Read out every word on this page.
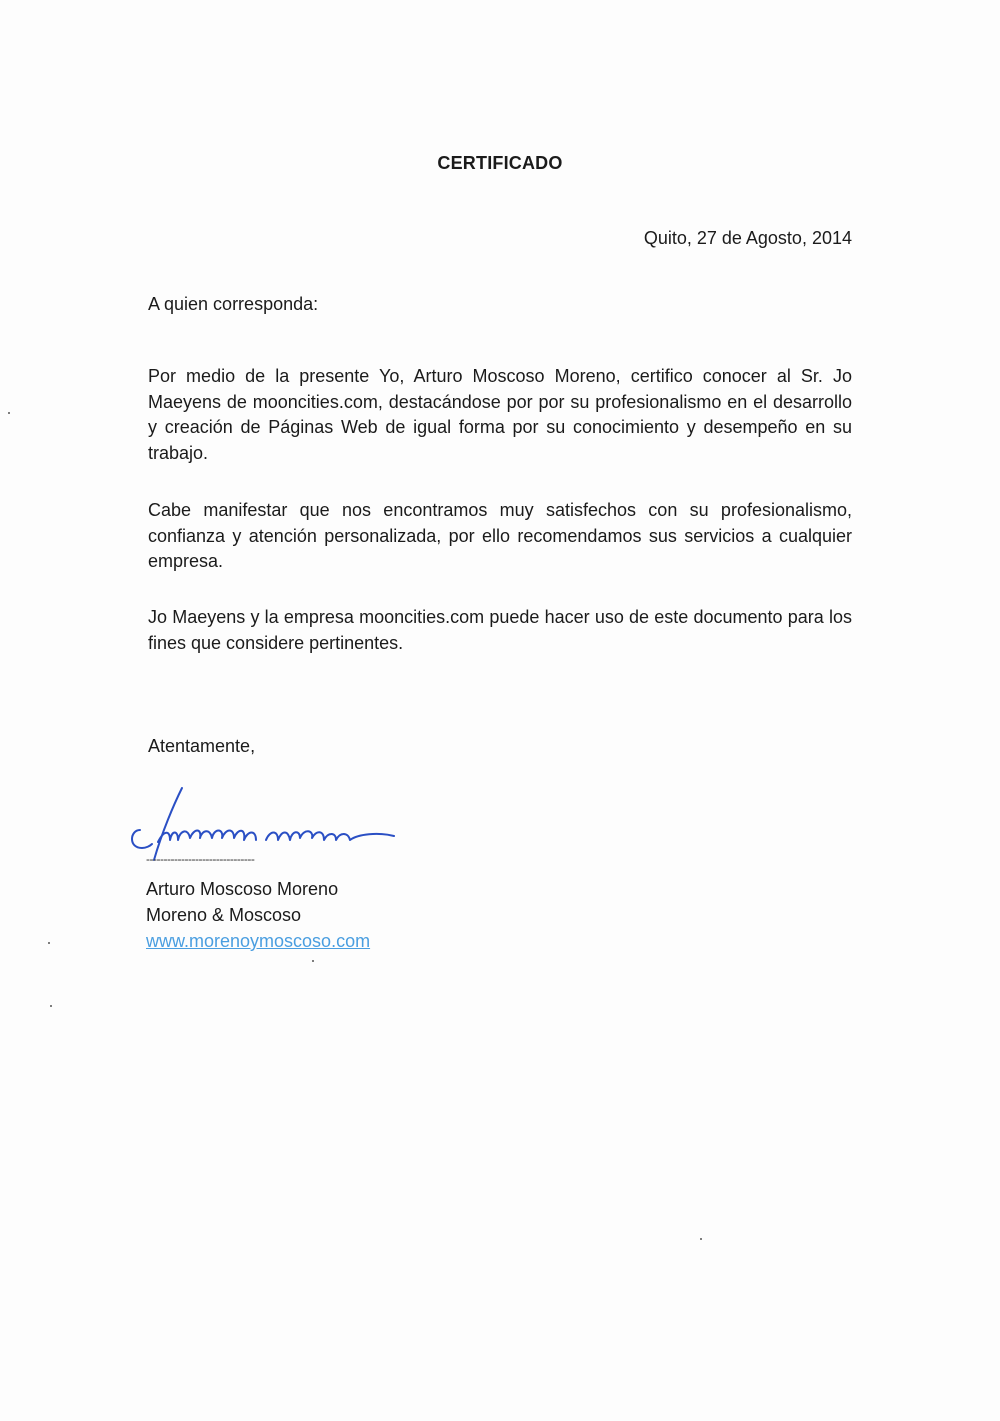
CERTIFICADO
Quito, 27 de Agosto, 2014
A quien corresponda:
Por medio de la presente Yo, Arturo Moscoso Moreno, certifico conocer al Sr. Jo Maeyens de mooncities.com, destacándose por por su profesionalismo en el desarrollo y creación de Páginas Web de igual forma por su conocimiento y desempeño en su trabajo.
Cabe manifestar que nos encontramos muy satisfechos con su profesionalismo, confianza y atención personalizada, por ello recomendamos sus servicios a cualquier empresa.
Jo Maeyens y la empresa mooncities.com puede hacer uso de este documento para los fines que considere pertinentes.
Atentamente,
-------------------------------
Arturo Moscoso Moreno
Moreno & Moscoso
www.morenoymoscoso.com
